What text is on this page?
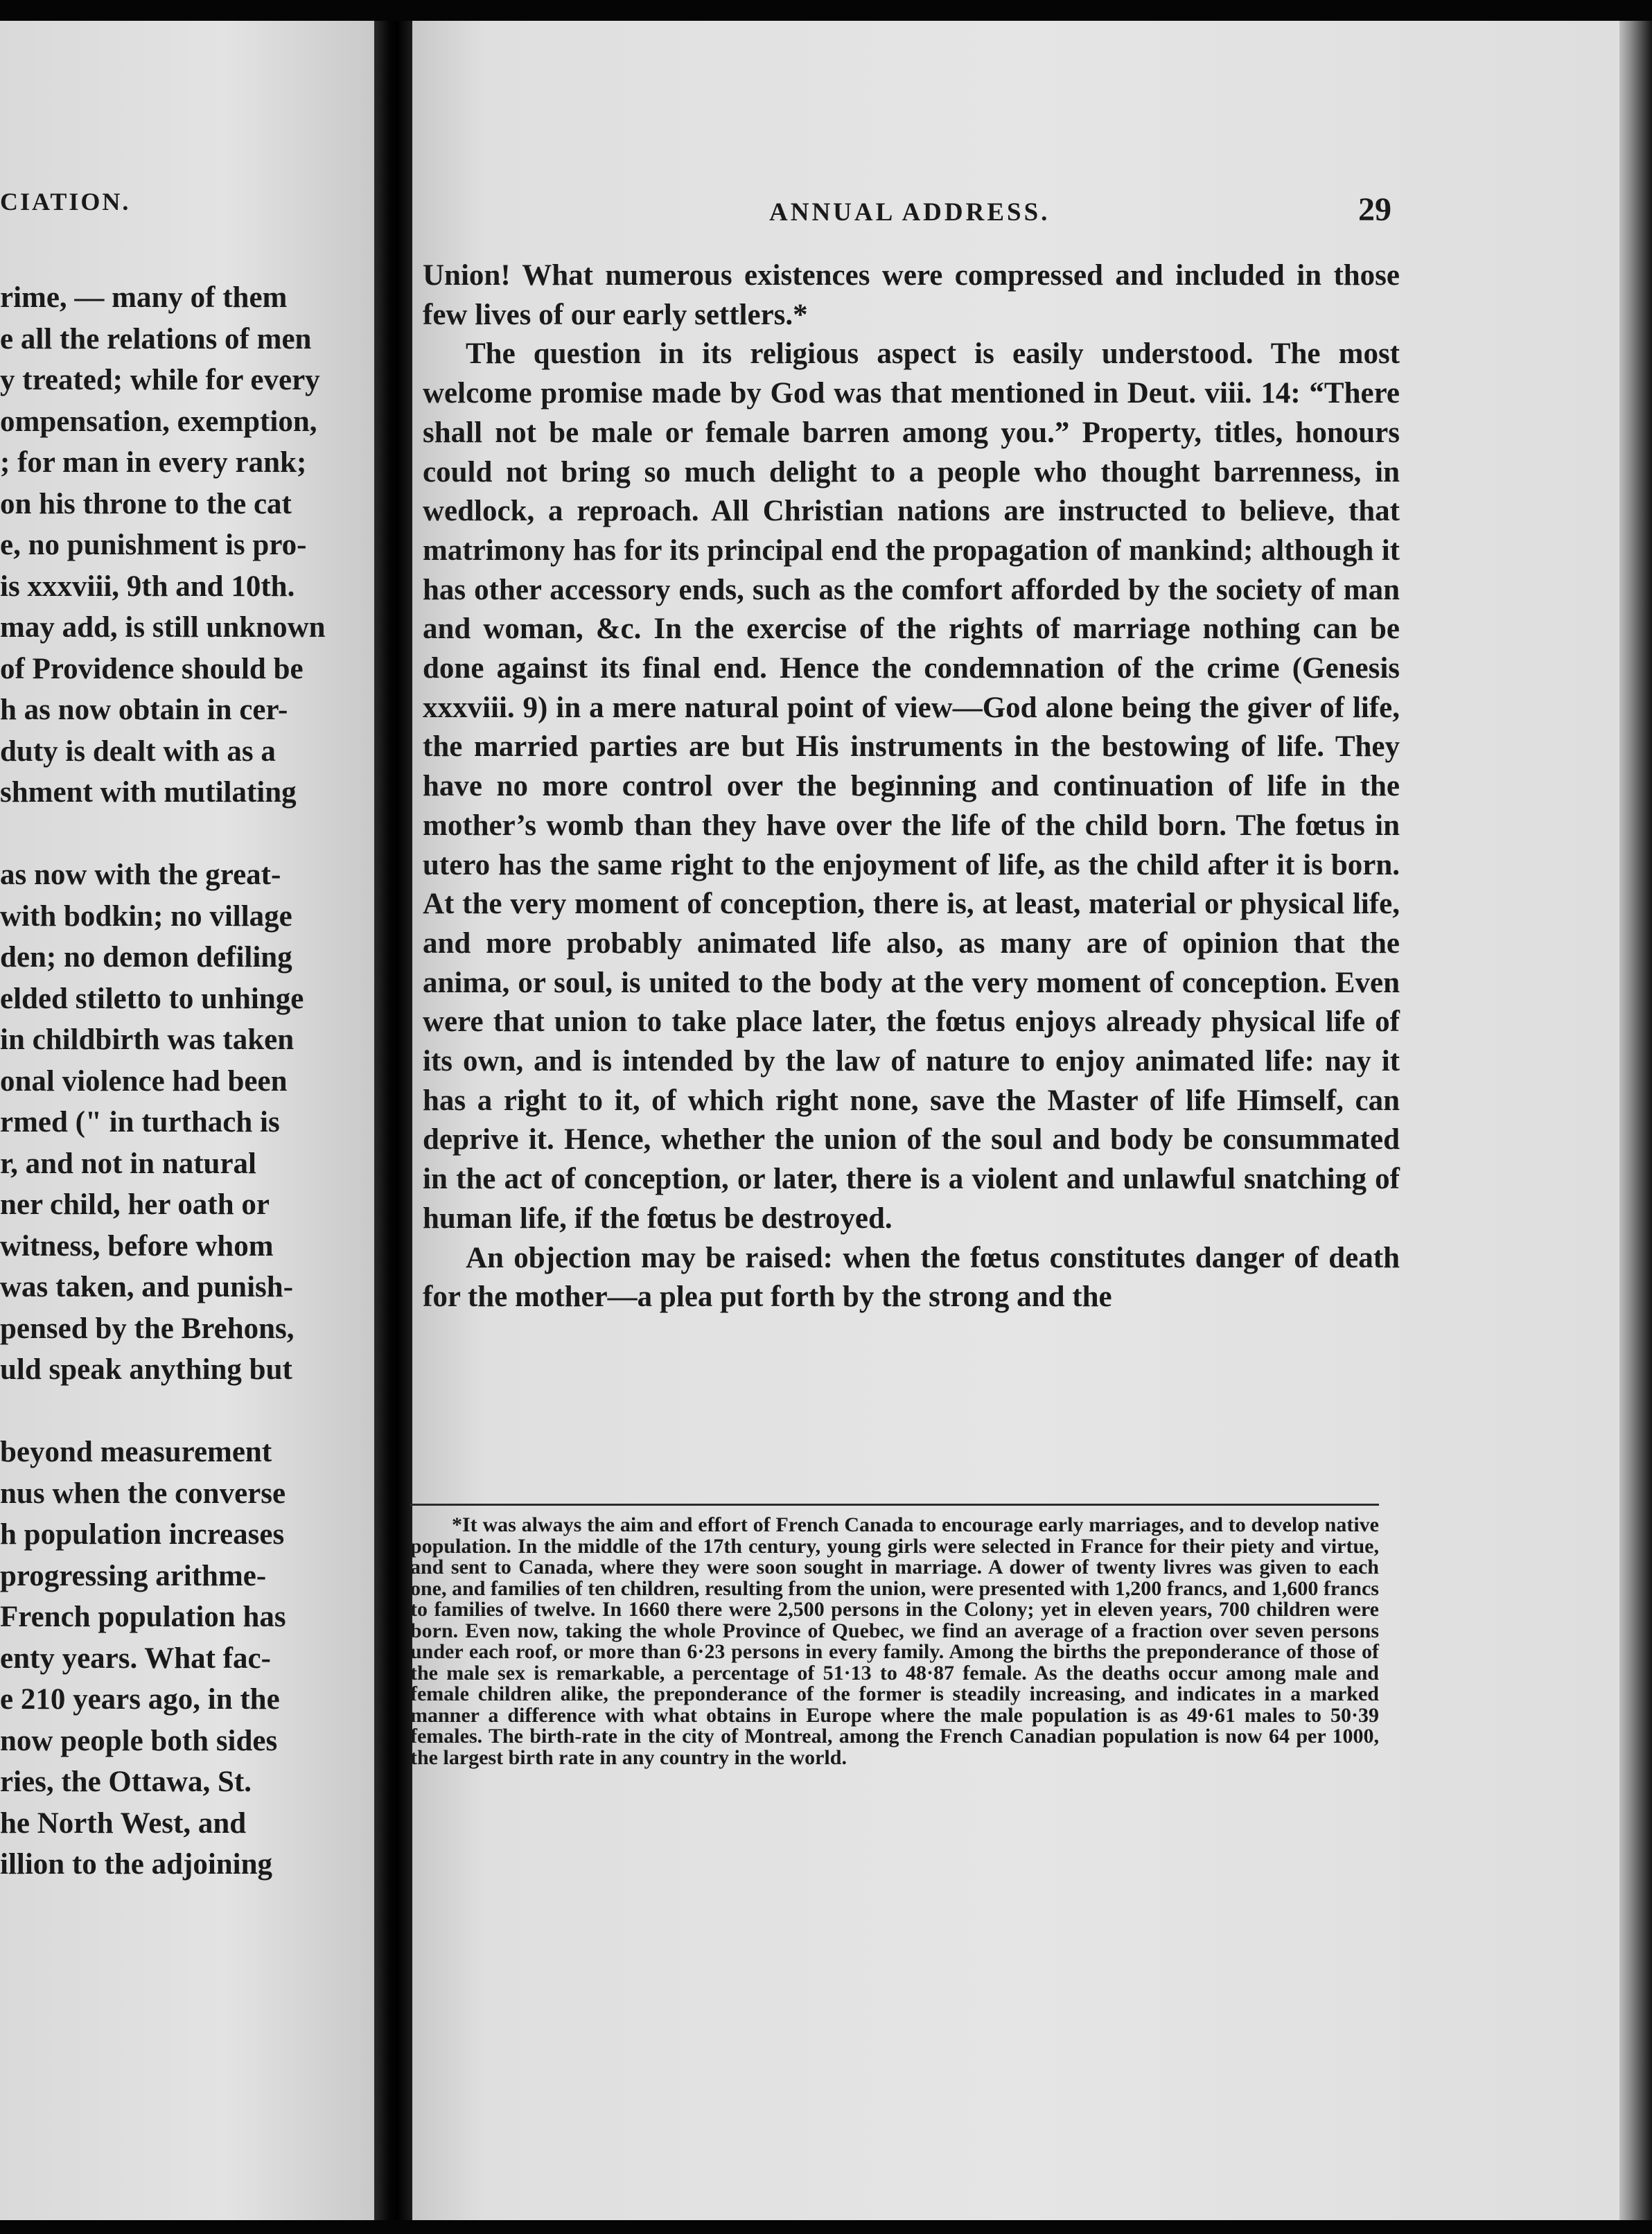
CIATION.
rime, — many of them
e all the relations of men
y treated; while for every
ompensation, exemption,
; for man in every rank;
on his throne to the cat
e, no punishment is pro-
is xxxviii, 9th and 10th.
may add, is still unknown
of Providence should be
h as now obtain in cer-
duty is dealt with as a
shment with mutilating
as now with the great-
with bodkin; no village
den; no demon defiling
elded stiletto to unhinge
in childbirth was taken
onal violence had been
rmed (" in turthach is
r, and not in natural
ner child, her oath or
witness, before whom
was taken, and punish-
pensed by the Brehons,
uld speak anything but
beyond measurement
nus when the converse
h population increases
progressing arithme-
French population has
enty years. What fac-
e 210 years ago, in the
now people both sides
ries, the Ottawa, St.
he North West, and
illion to the adjoining
ANNUAL ADDRESS.	29

Union! What numerous existences were compressed and included in those few lives of our early settlers.*

The question in its religious aspect is easily understood. The most welcome promise made by God was that mentioned in Deut. viii. 14: “There shall not be male or female barren among you.” Property, titles, honours could not bring so much delight to a people who thought barrenness, in wedlock, a reproach. All Christian nations are instructed to believe, that matrimony has for its principal end the propagation of mankind; although it has other accessory ends, such as the comfort afforded by the society of man and woman, &c. In the exercise of the rights of marriage nothing can be done against its final end. Hence the condemnation of the crime (Genesis xxxviii. 9) in a mere natural point of view—God alone being the giver of life, the married parties are but His instruments in the bestowing of life. They have no more control over the beginning and continuation of life in the mother’s womb than they have over the life of the child born. The fœtus in utero has the same right to the enjoyment of life, as the child after it is born. At the very moment of conception, there is, at least, material or physical life, and more probably animated life also, as many are of opinion that the anima, or soul, is united to the body at the very moment of conception. Even were that union to take place later, the fœtus enjoys already physical life of its own, and is intended by the law of nature to enjoy animated life: nay it has a right to it, of which right none, save the Master of life Himself, can deprive it. Hence, whether the union of the soul and body be consummated in the act of conception, or later, there is a violent and unlawful snatching of human life, if the fœtus be destroyed.

An objection may be raised: when the fœtus constitutes danger of death for the mother—a plea put forth by the strong and the

*It was always the aim and effort of French Canada to encourage early marriages, and to develop native population. In the middle of the 17th century, young girls were selected in France for their piety and virtue, and sent to Canada, where they were soon sought in marriage. A dower of twenty livres was given to each one, and families of ten children, resulting from the union, were presented with 1,200 francs, and 1,600 francs to families of twelve. In 1660 there were 2,500 persons in the Colony; yet in eleven years, 700 children were born. Even now, taking the whole Province of Quebec, we find an average of a fraction over seven persons under each roof, or more than 6·23 persons in every family. Among the births the preponderance of those of the male sex is remarkable, a percentage of 51·13 to 48·87 female. As the deaths occur among male and female children alike, the preponderance of the former is steadily increasing, and indicates in a marked manner a difference with what obtains in Europe where the male population is as 49·61 males to 50·39 females. The birth-rate in the city of Montreal, among the French Canadian population is now 64 per 1000, the largest birth rate in any country in the world.
